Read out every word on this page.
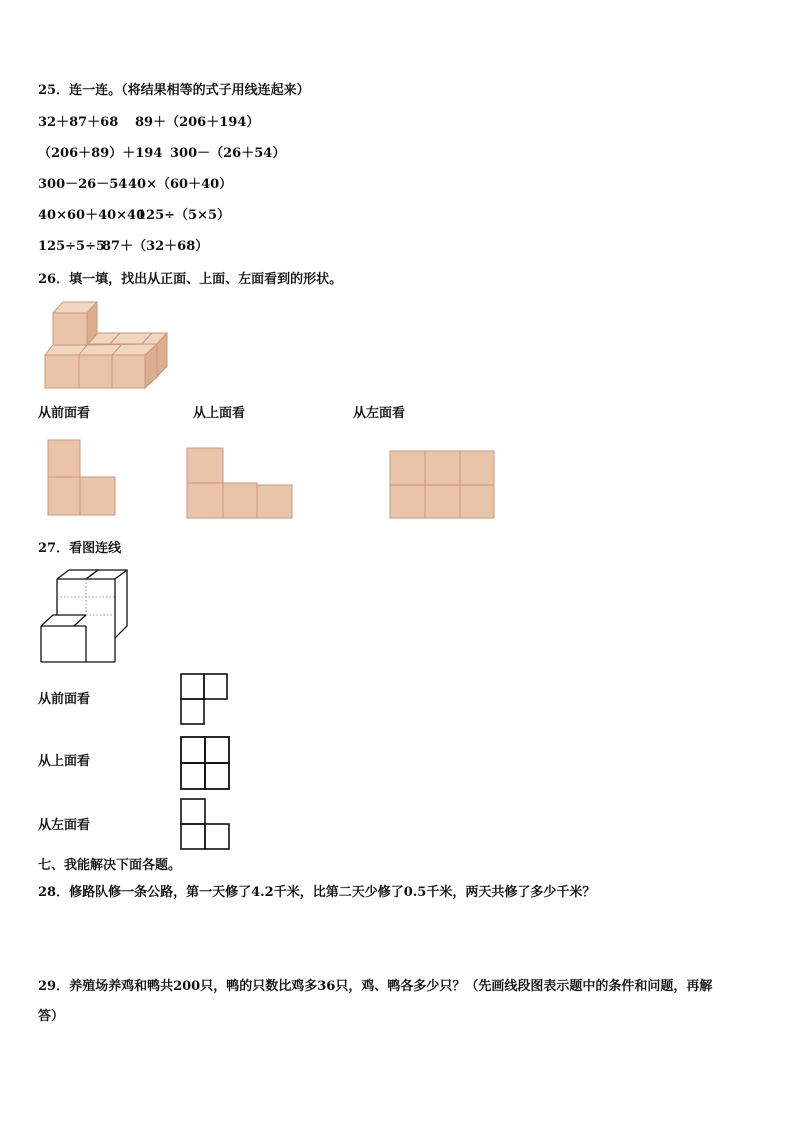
25．连一连。（将结果相等的式子用线连起来）
32＋87＋68 89＋（206＋194）
（206＋89）＋194 300－（26＋54）
300－26－54 40×（60＋40）
40×60＋40×40
125÷（5×5）
125÷5÷5
87＋（32＋68）
26．填一填，找出从正面、上面、左面看到的形状。
从前面看	从上面看	从左面看
27．看图连线
从前面看
从上面看
从左面看
七、我能解决下面各题。
28．修路队修一条公路，第一天修了4.2千米，比第二天少修了0.5千米，两天共修了多少千米？
29．养殖场养鸡和鸭共200只，鸭的只数比鸡多36只，鸡、鸭各多少只？（先画线段图表示题中的条件和问题，再解
答）
